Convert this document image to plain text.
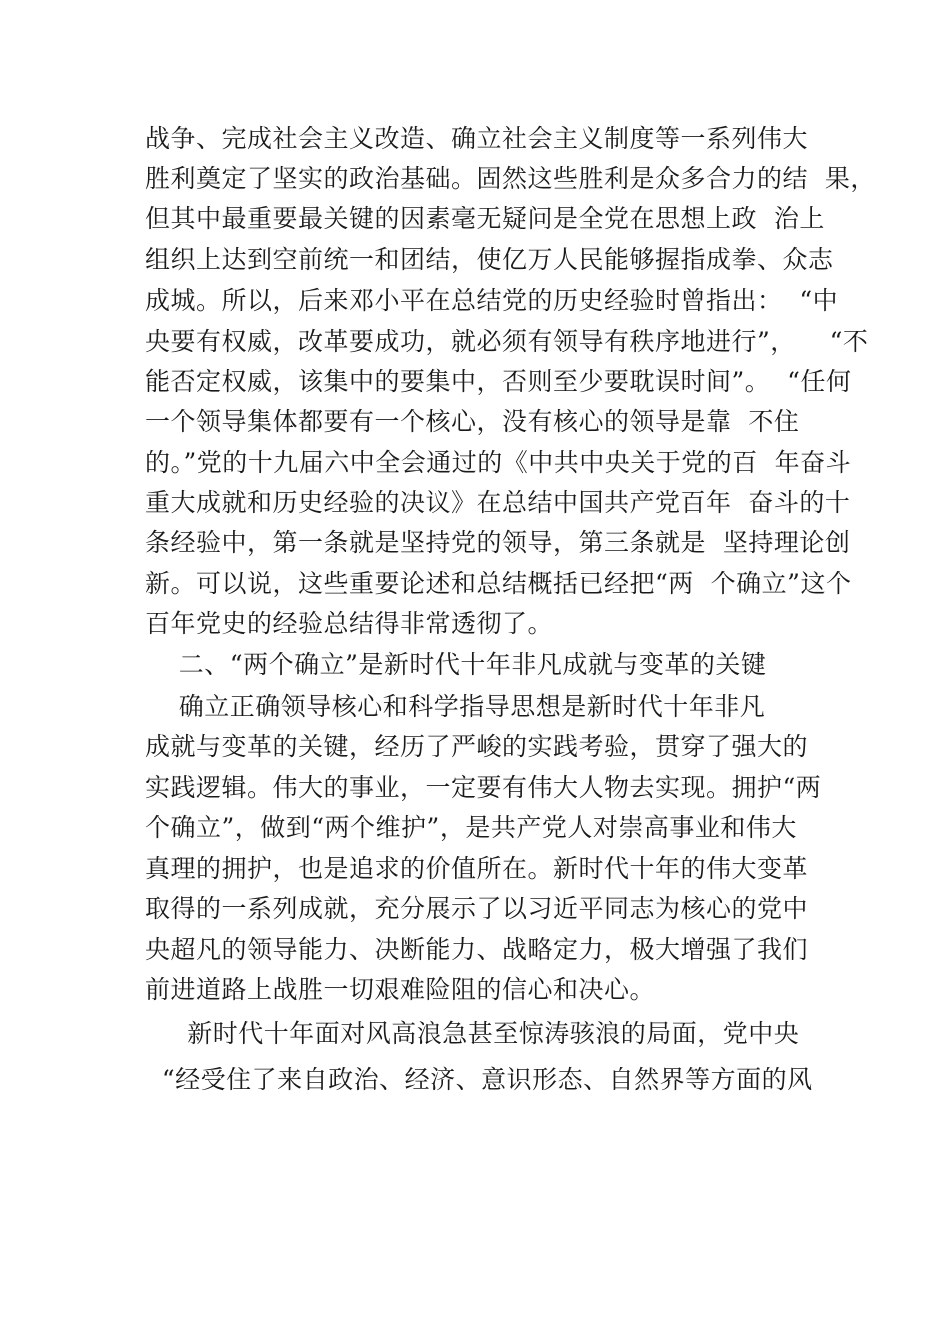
战争、完成社会主义改造、确立社会主义制度等一系列伟大
胜利奠定了坚实的政治基础。固然这些胜利是众多合力的结  果，
但其中最重要最关键的因素毫无疑问是全党在思想上政  治上
组织上达到空前统一和团结，使亿万人民能够握指成拳、众志
成城。所以，后来邓小平在总结党的历史经验时曾指出：  “中
央要有权威，改革要成功，就必须有领导有秩序地进行”，    “不
能否定权威，该集中的要集中，否则至少要耽误时间”。  “任何
一个领导集体都要有一个核心，没有核心的领导是靠  不住
的。”党的十九届六中全会通过的《中共中央关于党的百  年奋斗
重大成就和历史经验的决议》在总结中国共产党百年  奋斗的十
条经验中，第一条就是坚持党的领导，第三条就是  坚持理论创
新。可以说，这些重要论述和总结概括已经把“两  个确立”这个
百年党史的经验总结得非常透彻了。
二、“两个确立”是新时代十年非凡成就与变革的关键
确立正确领导核心和科学指导思想是新时代十年非凡
成就与变革的关键，经历了严峻的实践考验，贯穿了强大的
实践逻辑。伟大的事业，一定要有伟大人物去实现。拥护“两
个确立”，做到“两个维护”，是共产党人对崇高事业和伟大
真理的拥护，也是追求的价值所在。新时代十年的伟大变革
取得的一系列成就，充分展示了以习近平同志为核心的党中
央超凡的领导能力、决断能力、战略定力，极大增强了我们
前进道路上战胜一切艰难险阻的信心和决心。
新时代十年面对风高浪急甚至惊涛骇浪的局面，党中央
“经受住了来自政治、经济、意识形态、自然界等方面的风
